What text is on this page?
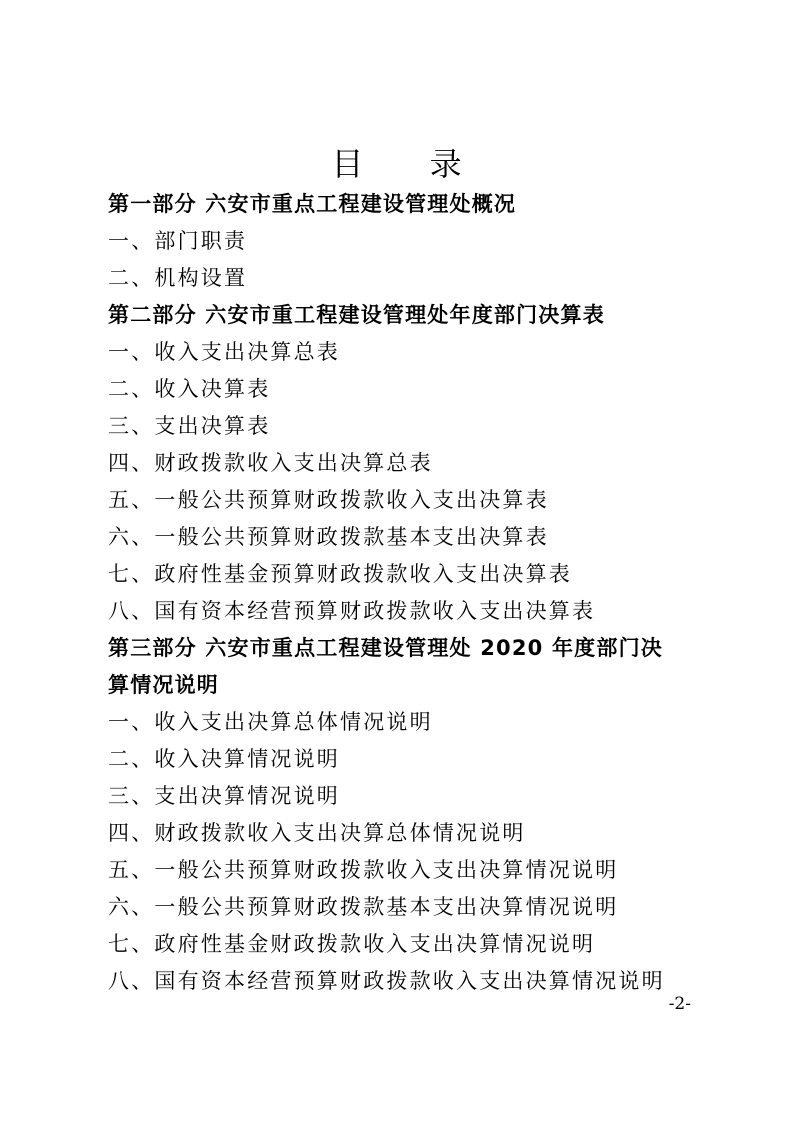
目 录
第一部分 六安市重点工程建设管理处概况
一、部门职责
二、机构设置
第二部分 六安市重工程建设管理处年度部门决算表
一、收入支出决算总表
二、收入决算表
三、支出决算表
四、财政拨款收入支出决算总表
五、一般公共预算财政拨款收入支出决算表
六、一般公共预算财政拨款基本支出决算表
七、政府性基金预算财政拨款收入支出决算表
八、国有资本经营预算财政拨款收入支出决算表
第三部分 六安市重点工程建设管理处 2020 年度部门决
算情况说明
一、收入支出决算总体情况说明
二、收入决算情况说明
三、支出决算情况说明
四、财政拨款收入支出决算总体情况说明
五、一般公共预算财政拨款收入支出决算情况说明
六、一般公共预算财政拨款基本支出决算情况说明
七、政府性基金财政拨款收入支出决算情况说明
八、国有资本经营预算财政拨款收入支出决算情况说明
-2-
